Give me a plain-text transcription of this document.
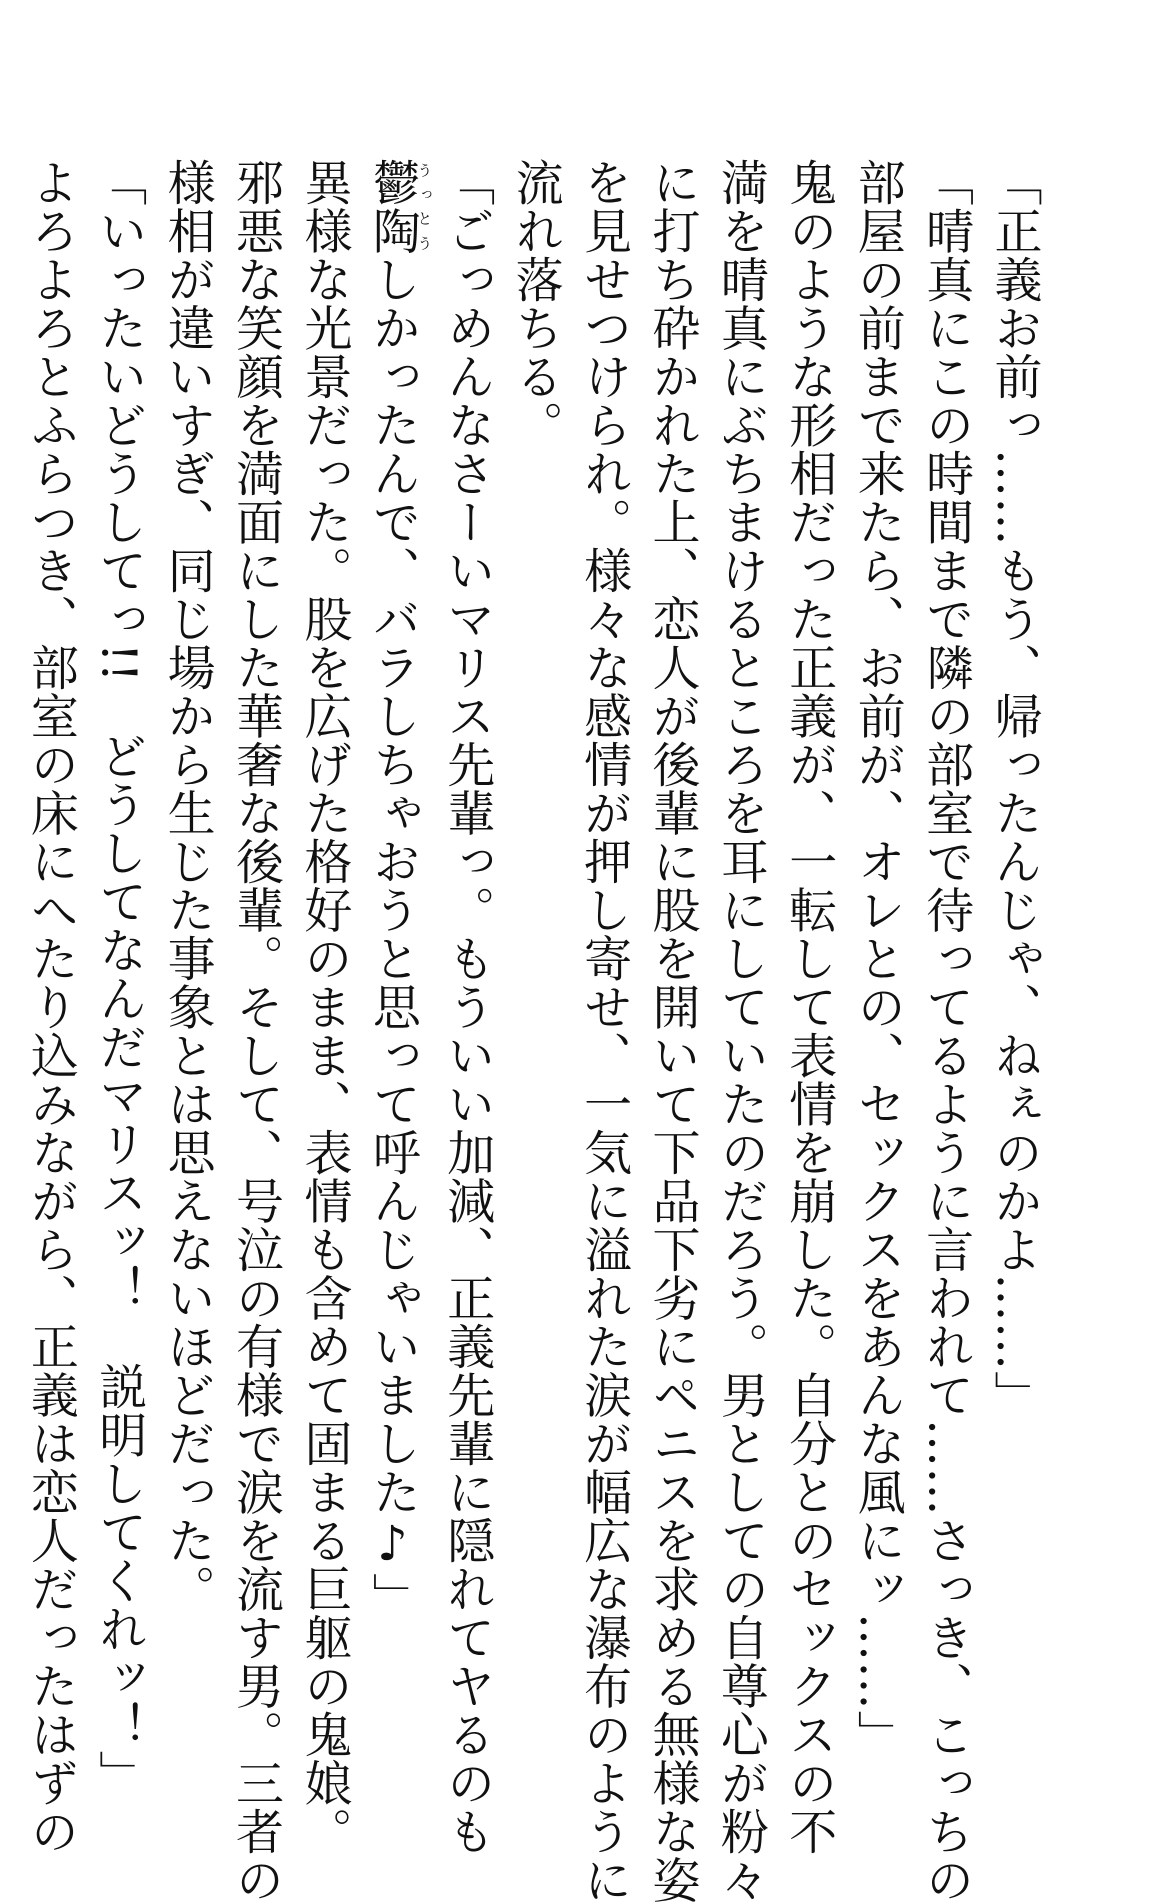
「正義お前っ……もう、帰ったんじゃ、ねぇのかよ……」
「晴真にこの時間まで隣の部室で待ってるように言われて……さっき、こっちの
部屋の前まで来たら、お前が、オレとの、セックスをあんな風にッ……」
鬼のような形相だった正義が、一転して表情を崩した。自分とのセックスの不
満を晴真にぶちまけるところを耳にしていたのだろう。男としての自尊心が粉々
に打ち砕かれた上、恋人が後輩に股を開いて下品下劣にペニスを求める無様な姿
を見せつけられ。様々な感情が押し寄せ、一気に溢れた涙が幅広な瀑布のように
流れ落ちる。
「ごっめんなさーいマリス先輩っ。もういい加減、正義先輩に隠れてヤるのも
鬱陶うっとうしかったんで、バラしちゃおうと思って呼んじゃいました♪」
異様な光景だった。股を広げた格好のまま、表情も含めて固まる巨躯の鬼娘。
邪悪な笑顔を満面にした華奢な後輩。そして、号泣の有様で涙を流す男。三者の
様相が違いすぎ、同じ場から生じた事象とは思えないほどだった。
「いったいどうしてっ!!　どうしてなんだマリスッ！　説明してくれッ！」
よろよろとふらつき、部室の床にへたり込みながら、正義は恋人だったはずの
